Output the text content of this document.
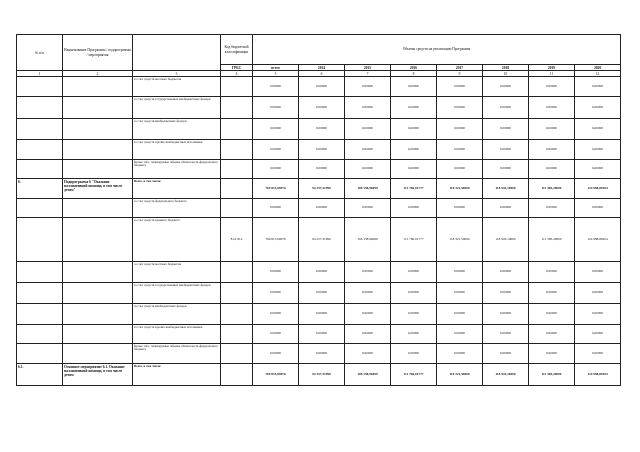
№ п/п	Наименование Программы / подпрограммы / мероприятия		Код бюджетной классификации	Объемы средств на реализацию Программы							
			ГРБС	всего	2014	2015	2016	2017	2018	2019	2020
1	2	3	4	5	6	7	8	9	10	11	12
		за счет средств местных бюджетов		0,00000	0,00000	0,00000	0,00000	0,00000	0,00000	0,00000	0,00000
		за счет средств государственных внебюджетных фондов		0,00000	0,00000	0,00000	0,00000	0,00000	0,00000	0,00000	0,00000
		за счет средств внебюджетных фондов		0,00000	0,00000	0,00000	0,00000	0,00000	0,00000	0,00000	0,00000
		за счет средств прочих внебюджетных источников		0,00000	0,00000	0,00000	0,00000	0,00000	0,00000	0,00000	0,00000
		Кроме того, планируемые объемы обязательств федерального бюджета		0,00000	0,00000	0,00000	0,00000	0,00000	0,00000	0,00000	0,00000
6.	Подпрограмма 6 "Оказание паллиативной помощи, в том числе детям"	Всего, в том числе:		769 815,09076	94 257,31996	106 158,96099	111 760,01777	118 321,50000	118 943,10000	111 385,20000	124 988,89204
		за счет средств федерального бюджета		0,00000	0,00000	0,00000	0,00000	0,00000	0,00000	0,00000	0,00000
		за счет средств краевого бюджета	814, 812	769 815,09076	94 257,31996	106 158,96099	111 760,01777	118 321,50000	118 943,10000	111 385,20000	124 988,89204
		за счет средств местных бюджетов		0,00000	0,00000	0,00000	0,00000	0,00000	0,00000	0,00000	0,00000
		за счет средств государственных внебюджетных фондов		0,00000	0,00000	0,00000	0,00000	0,00000	0,00000	0,00000	0,00000
		за счет средств внебюджетных фондов		0,00000	0,00000	0,00000	0,00000	0,00000	0,00000	0,00000	0,00000
		за счет средств прочих внебюджетных источников		0,00000	0,00000	0,00000	0,00000	0,00000	0,00000	0,00000	0,00000
		Кроме того, планируемые объемы обязательств федерального бюджета		0,00000	0,00000	0,00000	0,00000	0,00000	0,00000	0,00000	0,00000
6.1.	Основное мероприятие 6.1. Оказание паллиативной помощи, в том числе детям	Всего, в том числе:		769 815,09076	94 257,31996	106 158,96099	111 760,01777	118 321,50000	118 943,10000	111 385,20000	124 988,89204
